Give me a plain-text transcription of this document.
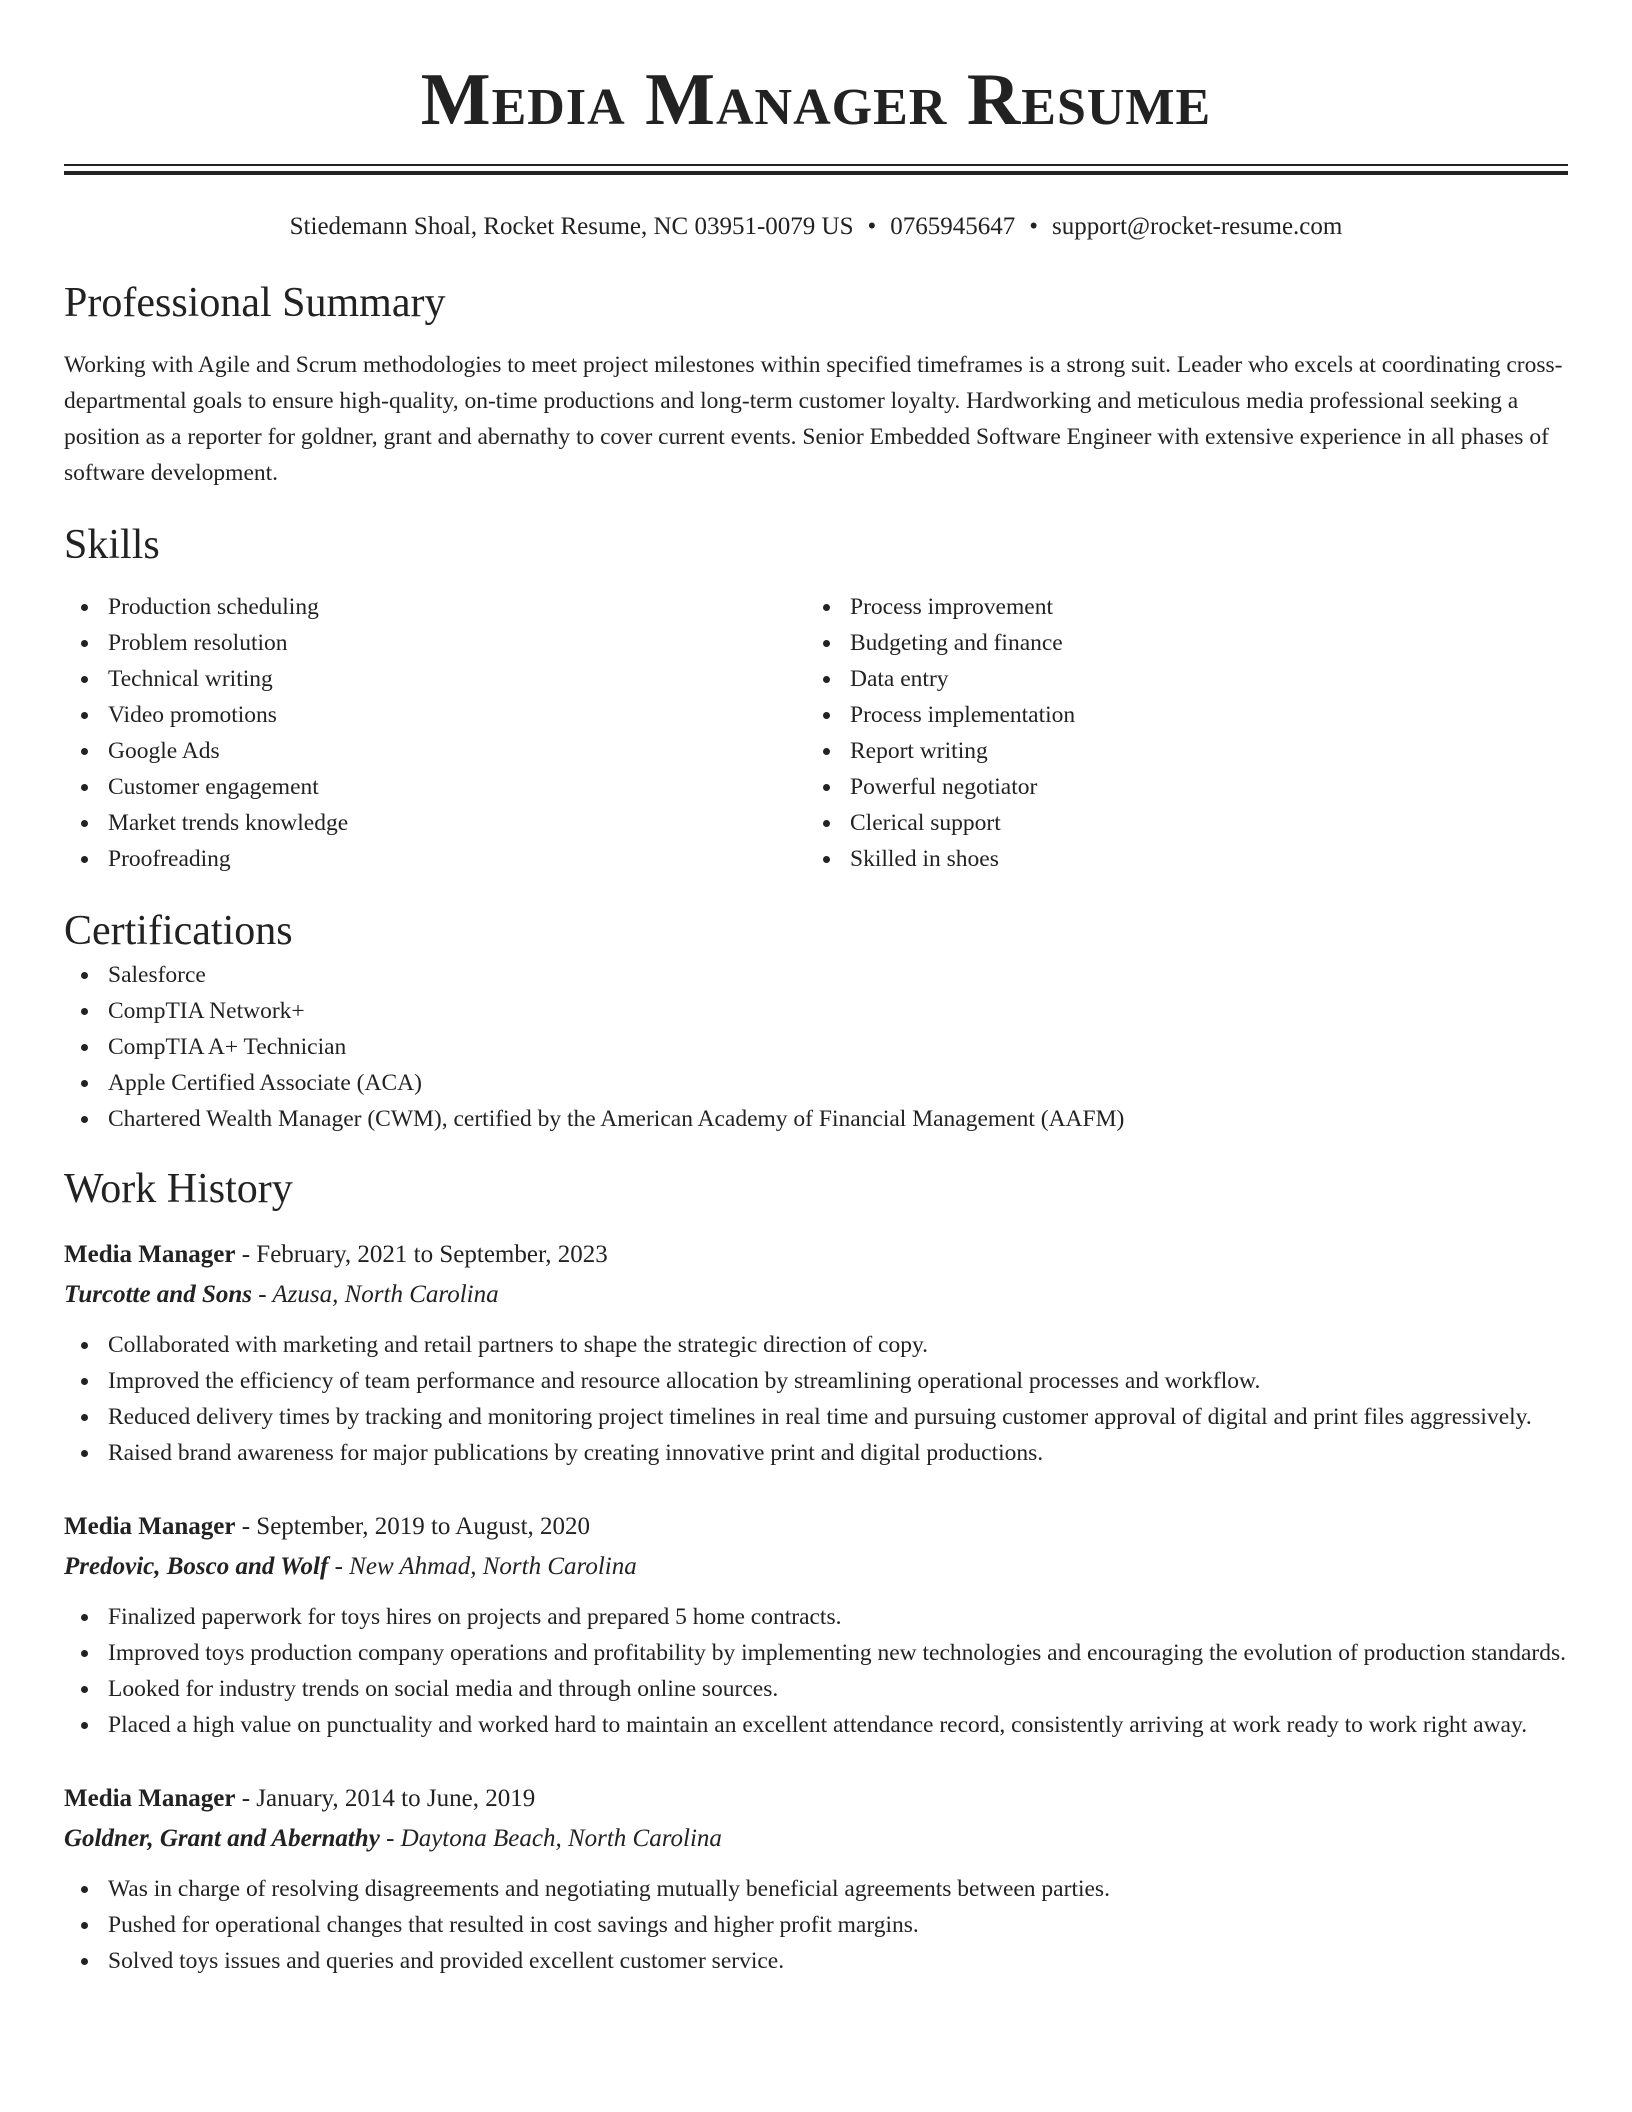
Media Manager Resume
Stiedemann Shoal, Rocket Resume, NC 03951-0079 US • 0765945647 • support@rocket-resume.com
Professional Summary

Working with Agile and Scrum methodologies to meet project milestones within specified timeframes is a strong suit. Leader who excels at coordinating cross-departmental goals to ensure high-quality, on-time productions and long-term customer loyalty. Hardworking and meticulous media professional seeking a position as a reporter for goldner, grant and abernathy to cover current events. Senior Embedded Software Engineer with extensive experience in all phases of software development.

Skills
Production scheduling
Problem resolution
Technical writing
Video promotions
Google Ads
Customer engagement
Market trends knowledge
Proofreading
Process improvement
Budgeting and finance
Data entry
Process implementation
Report writing
Powerful negotiator
Clerical support
Skilled in shoes
Certifications
Salesforce
CompTIA Network+
CompTIA A+ Technician
Apple Certified Associate (ACA)
Chartered Wealth Manager (CWM), certified by the American Academy of Financial Management (AAFM)
Work History
Media Manager - February, 2021 to September, 2023
Turcotte and Sons - Azusa, North Carolina
Collaborated with marketing and retail partners to shape the strategic direction of copy.
Improved the efficiency of team performance and resource allocation by streamlining operational processes and workflow.
Reduced delivery times by tracking and monitoring project timelines in real time and pursuing customer approval of digital and print files aggressively.
Raised brand awareness for major publications by creating innovative print and digital productions.
Media Manager - September, 2019 to August, 2020
Predovic, Bosco and Wolf - New Ahmad, North Carolina
Finalized paperwork for toys hires on projects and prepared 5 home contracts.
Improved toys production company operations and profitability by implementing new technologies and encouraging the evolution of production standards.
Looked for industry trends on social media and through online sources.
Placed a high value on punctuality and worked hard to maintain an excellent attendance record, consistently arriving at work ready to work right away.
Media Manager - January, 2014 to June, 2019
Goldner, Grant and Abernathy - Daytona Beach, North Carolina
Was in charge of resolving disagreements and negotiating mutually beneficial agreements between parties.
Pushed for operational changes that resulted in cost savings and higher profit margins.
Solved toys issues and queries and provided excellent customer service.
